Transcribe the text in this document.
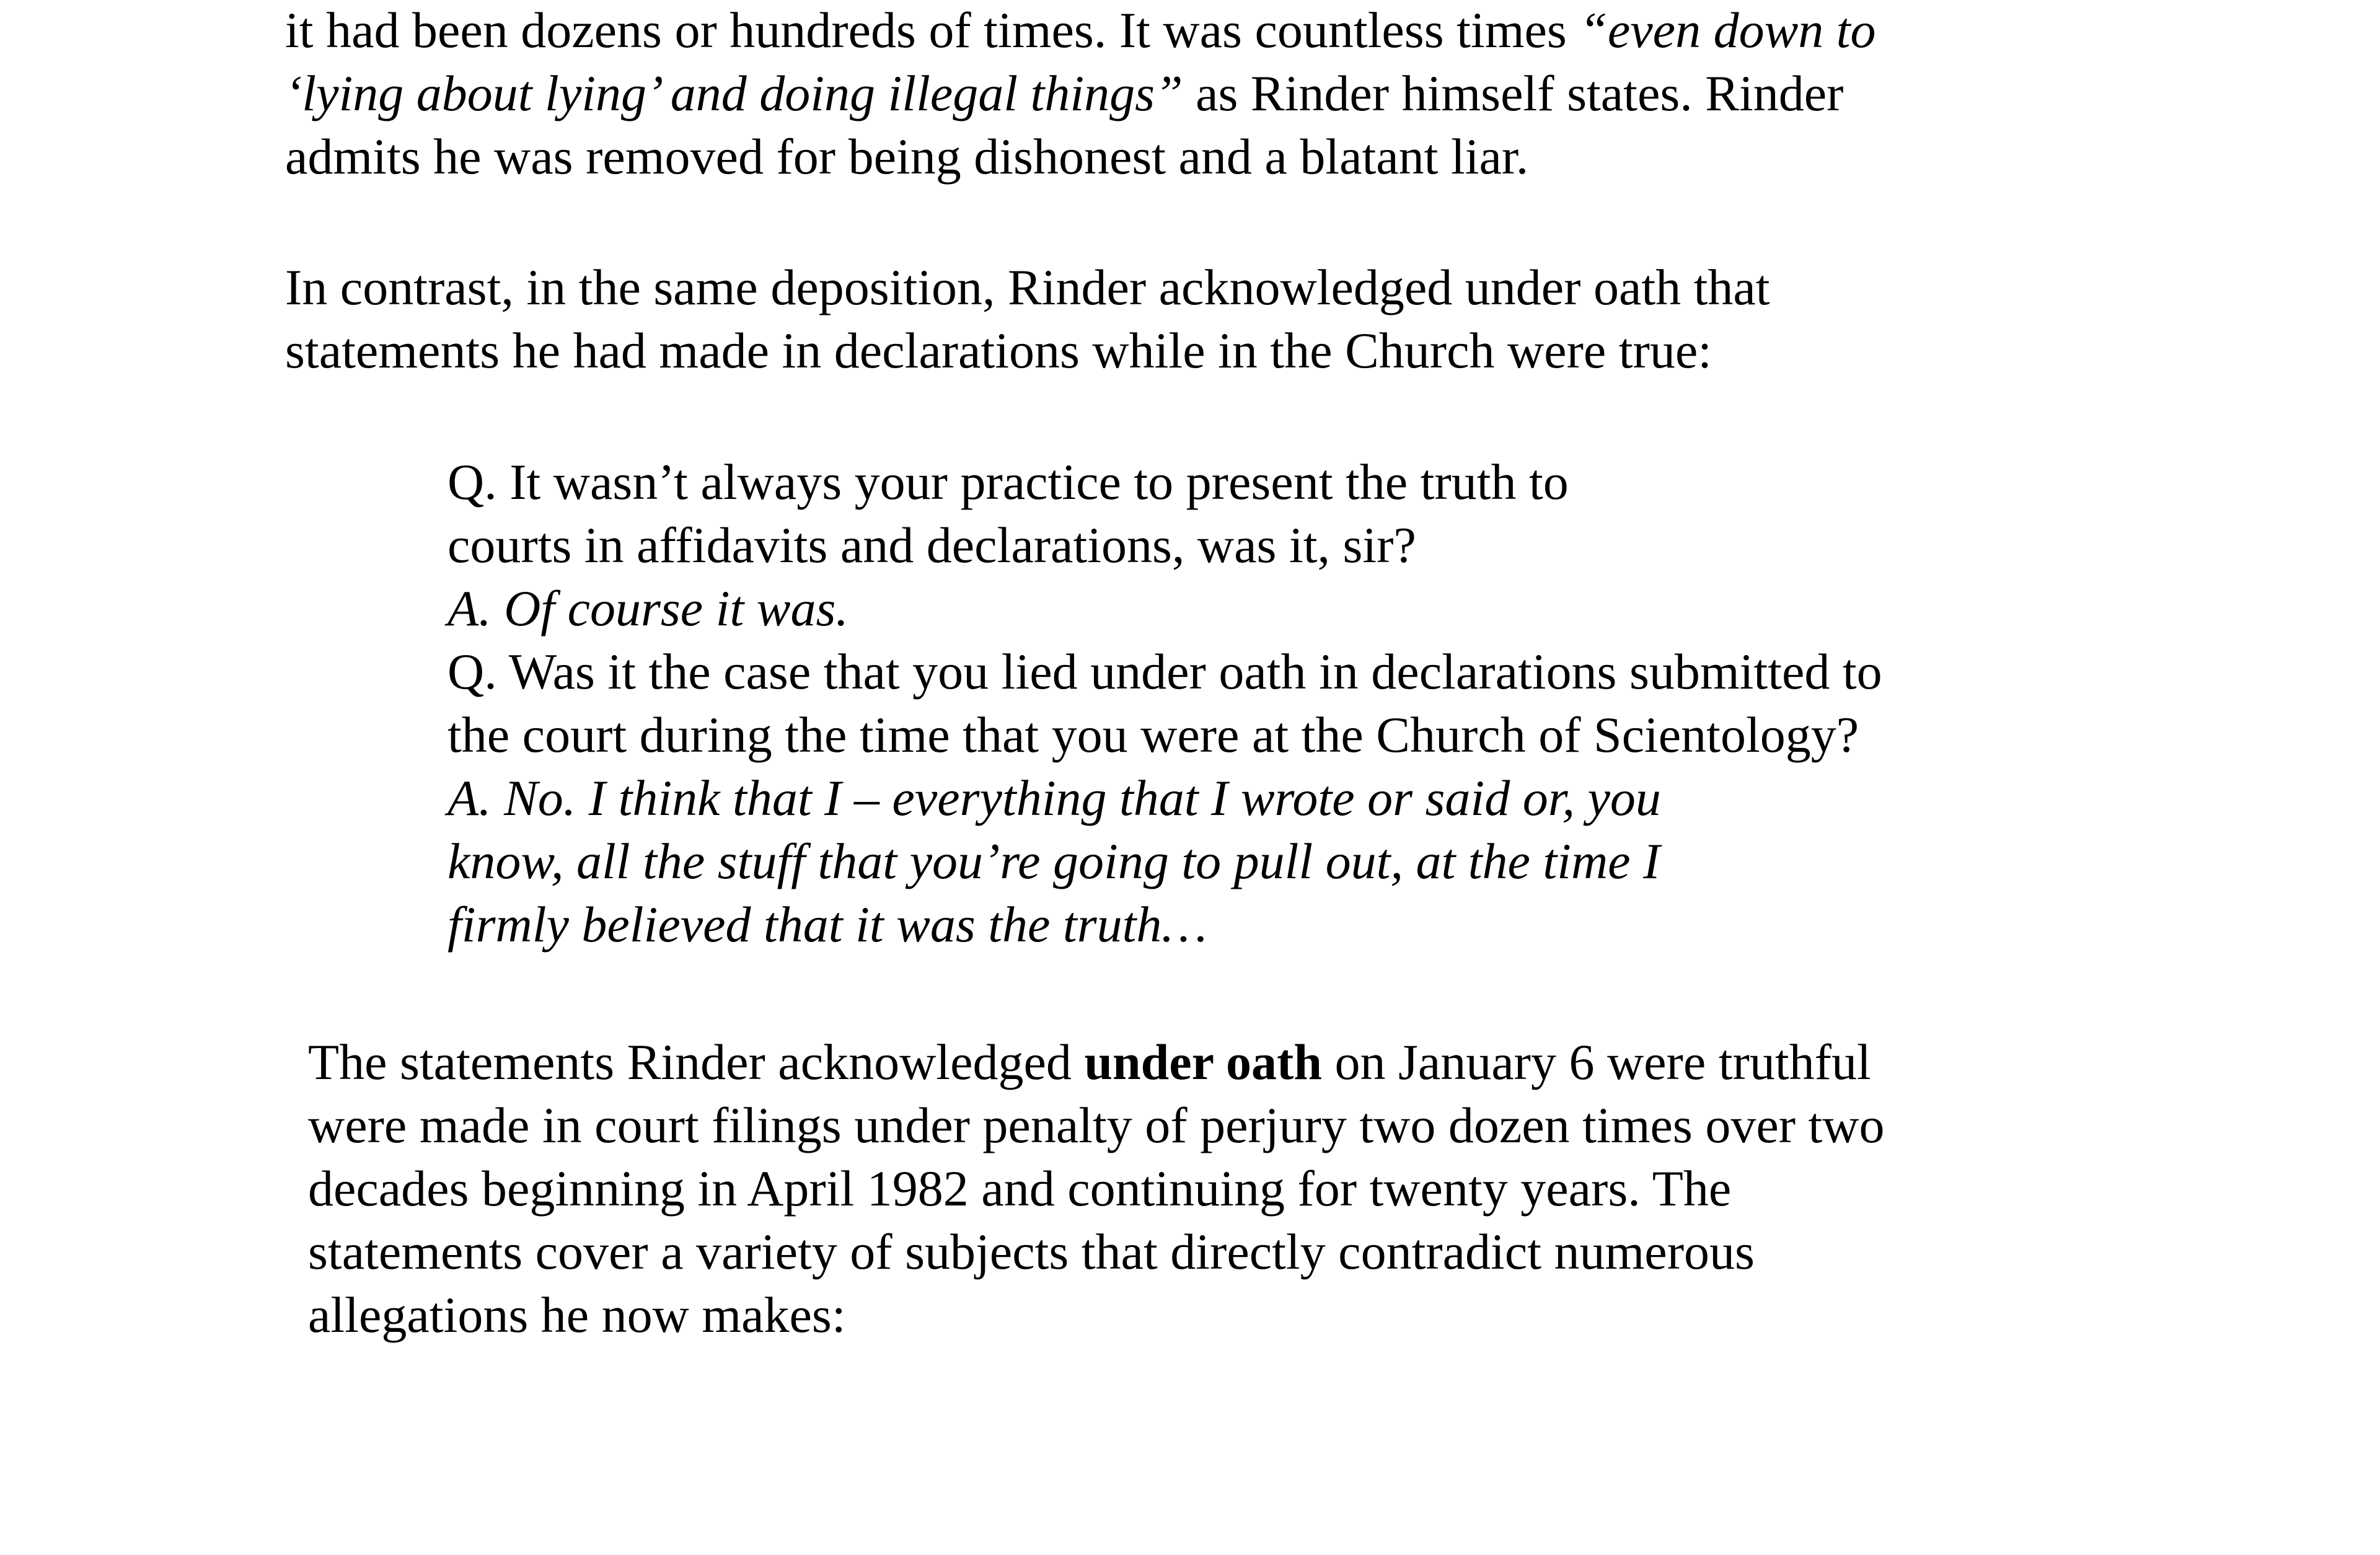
it had been dozens or hundreds of times. It was countless times “even down to
‘lying about lying’ and doing illegal things” as Rinder himself states. Rinder
admits he was removed for being dishonest and a blatant liar.
In contrast, in the same deposition, Rinder acknowledged under oath that
statements he had made in declarations while in the Church were true:
Q. It wasn’t always your practice to present the truth to
courts in affidavits and declarations, was it, sir?
A. Of course it was.
Q. Was it the case that you lied under oath in declarations submitted to
the court during the time that you were at the Church of Scientology?
A. No. I think that I – everything that I wrote or said or, you
know, all the stuff that you’re going to pull out, at the time I
firmly believed that it was the truth…
The statements Rinder acknowledged under oath on January 6 were truthful
were made in court filings under penalty of perjury two dozen times over two
decades beginning in April 1982 and continuing for twenty years. The
statements cover a variety of subjects that directly contradict numerous
allegations he now makes:
